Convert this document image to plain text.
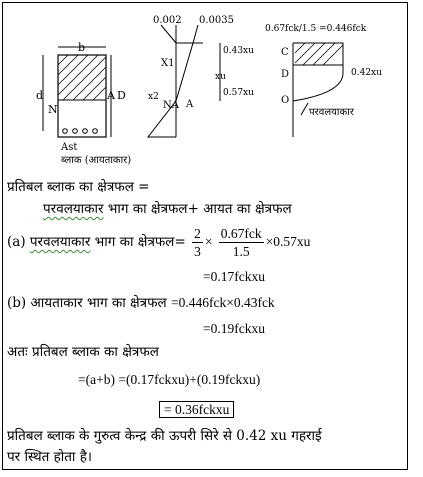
b
d
N
A D
Ast
ब्लाक (आयताकार)
0.002 0.0035
X1
x2
NA A
0.43xu
xu
0.57xu
0.67fck/1.5 =0.446fck
C
D
O
0.42xu
परवलयाकार
प्रतिबल ब्लाक का क्षेत्रफल =
परवलयाकार भाग का क्षेत्रफल+ आयत का क्षेत्रफल
(a) परवलयाकार भाग का क्षेत्रफल= $\frac{2}{3} \times \frac{\text{0.67fck}}{1.5} \times 0.57xu$
=0.17fckxu
(b) आयताकार भाग का क्षेत्रफल =0.446fck×0.43fck
=0.19fckxu
अतः प्रतिबल ब्लाक का क्षेत्रफल
=(a+b) =(0.17fckxu)+(0.19fckxu)
= 0.36fckxu
प्रतिबल ब्लाक के गुरुत्व केन्द्र की ऊपरी सिरे से 0.42 xu गहराई
पर स्थित होता है।
